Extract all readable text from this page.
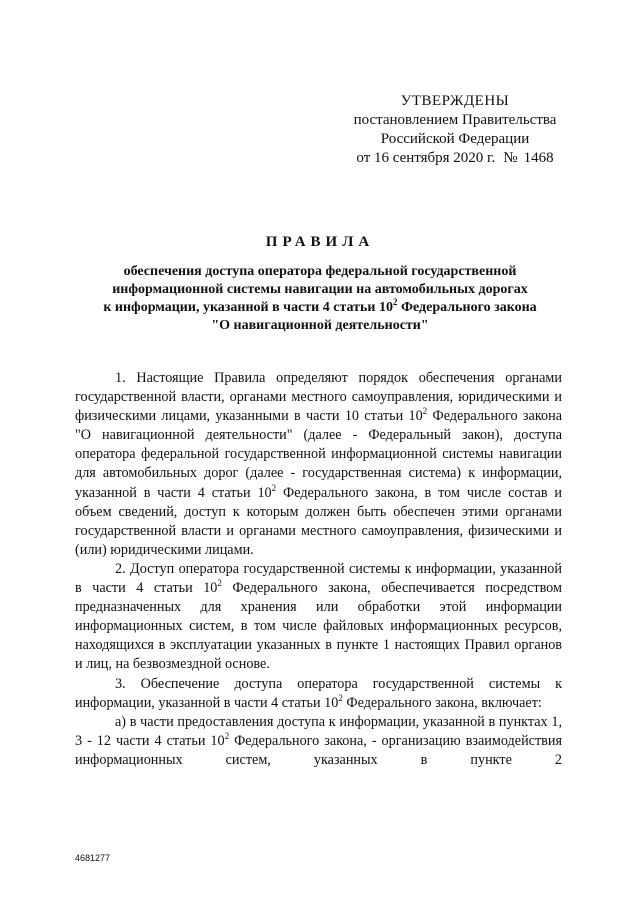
УТВЕРЖДЕНЫ
постановлением Правительства
Российской Федерации
от 16 сентября 2020 г. № 1468
ПРАВИЛА
обеспечения доступа оператора федеральной государственной
информационной системы навигации на автомобильных дорогах
к информации, указанной в части 4 статьи $10^2$ Федерального закона
"О навигационной деятельности"

1. Настоящие Правила определяют порядок обеспечения органами государственной власти, органами местного самоуправления, юридическими и физическими лицами, указанными в части 10 статьи $10^2$ Федерального закона "О навигационной деятельности" (далее - Федеральный закон), доступа оператора федеральной государственной информационной системы навигации для автомобильных дорог (далее - государственная система) к информации, указанной в части 4 статьи $10^2$ Федерального закона, в том числе состав и объем сведений, доступ к которым должен быть обеспечен этими органами государственной власти и органами местного самоуправления, физическими и (или) юридическими лицами.

2. Доступ оператора государственной системы к информации, указанной в части 4 статьи $10^2$ Федерального закона, обеспечивается посредством предназначенных для хранения или обработки этой информации информационных систем, в том числе файловых информационных ресурсов, находящихся в эксплуатации указанных в пункте 1 настоящих Правил органов и лиц, на безвозмездной основе.

3. Обеспечение доступа оператора государственной системы к информации, указанной в части 4 статьи $10^2$ Федерального закона, включает:

а) в части предоставления доступа к информации, указанной в пунктах 1, 3 - 12 части 4 статьи $10^2$ Федерального закона, - организацию взаимодействия информационных систем, указанных в пункте 2

4681277
